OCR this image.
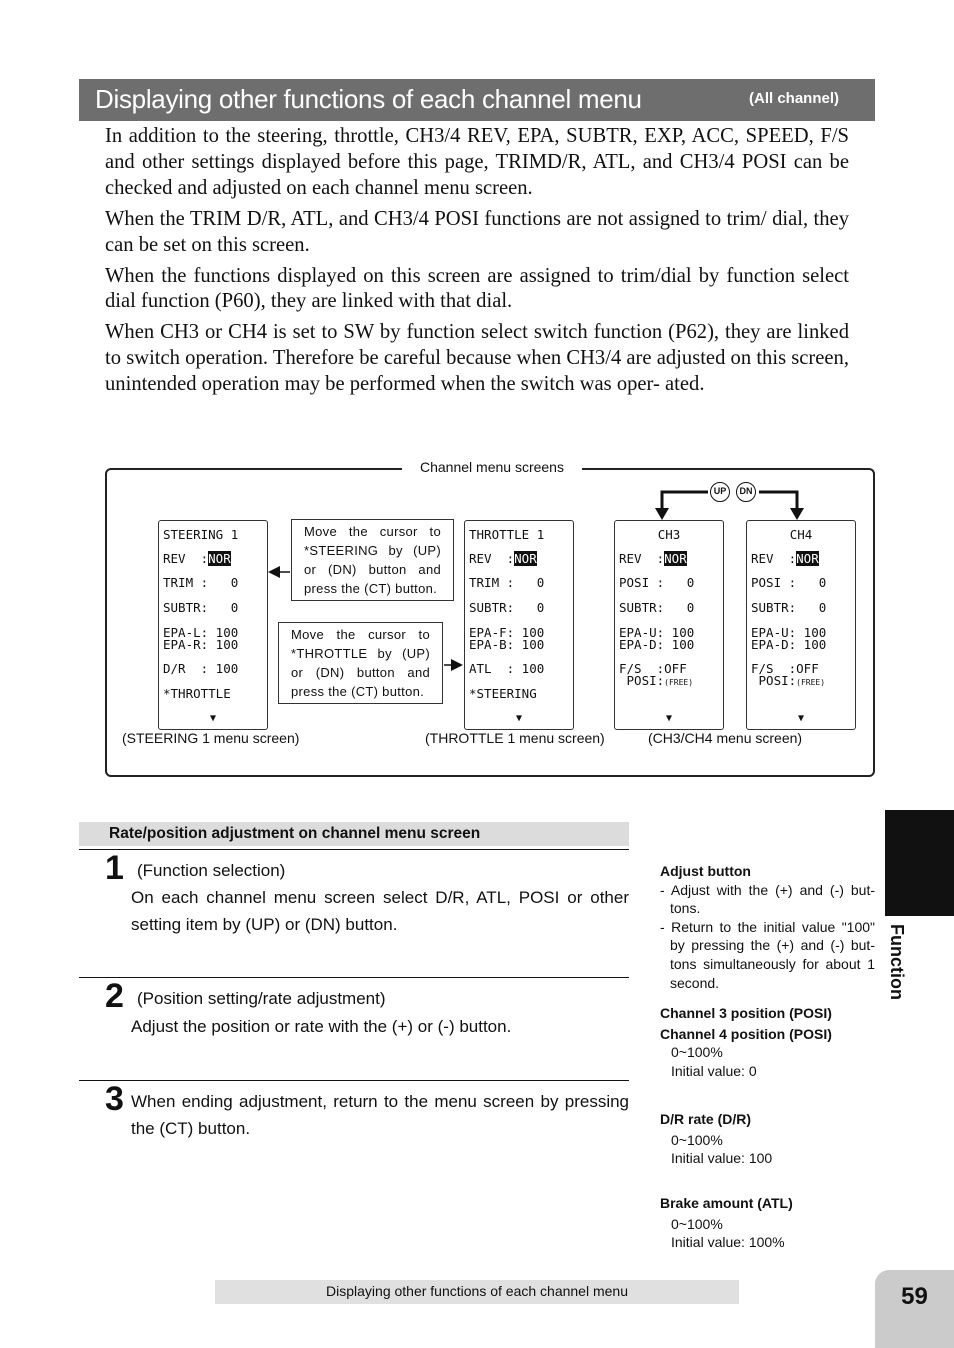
Displaying other functions of each channel menu	(All channel)

In addition to the steering, throttle, CH3/4 REV, EPA, SUBTR, EXP, ACC, SPEED, F/S and other settings displayed before this page, TRIMD/R, ATL, and CH3/4 POSI can be checked and adjusted on each channel menu screen.

When the TRIM D/R, ATL, and CH3/4 POSI functions are not assigned to trim/ dial, they can be set on this screen.

When the functions displayed on this screen are assigned to trim/dial by function select dial function (P60), they are linked with that dial.

When CH3 or CH4 is set to SW by function select switch function (P62), they are linked to switch operation. Therefore be careful because when CH3/4 are adjusted on this screen, unintended operation may be performed when the switch was oper- ated.

Channel menu screens
UP	DN
STEERING 1
REV  :NOR
TRIM :   0
SUBTR:   0
EPA-L: 100
EPA-R: 100
D/R  : 100
*THROTTLE
▼
Move the cursor to *STEERING by (UP) or (DN) button and press the (CT) button.
Move the cursor to *THROTTLE by (UP) or (DN) button and press the (CT) button.
THROTTLE 1
REV  :NOR
TRIM :   0
SUBTR:   0
EPA-F: 100
EPA-B: 100
ATL  : 100
*STEERING
▼
CH3
REV  :NOR
POSI :   0
SUBTR:   0
EPA-U: 100
EPA-D: 100
F/S  :OFF
POSI:(FREE)
▼
CH4
REV  :NOR
POSI :   0
SUBTR:   0
EPA-U: 100
EPA-D: 100
F/S  :OFF
POSI:(FREE)
▼
(STEERING 1 menu screen)	(THROTTLE 1 menu screen)	(CH3/CH4 menu screen)
Rate/position adjustment on channel menu screen
1 (Function selection)
On each channel menu screen select D/R, ATL, POSI or other setting item by (UP) or (DN) button.
2 (Position setting/rate adjustment)
Adjust the position or rate with the (+) or (-) button.
3 When ending adjustment, return to the menu screen by pressing the (CT) button.
Adjust button
- Adjust with the (+) and (-) but- tons.
- Return to the initial value "100" by pressing the (+) and (-) but- tons simultaneously for about 1 second.
Channel 3 position (POSI)
Channel 4 position (POSI)
0~100%
Initial value: 0
D/R rate (D/R)
0~100%
Initial value: 100
Brake amount (ATL)
0~100%
Initial value: 100%
Function
Displaying other functions of each channel menu	59
